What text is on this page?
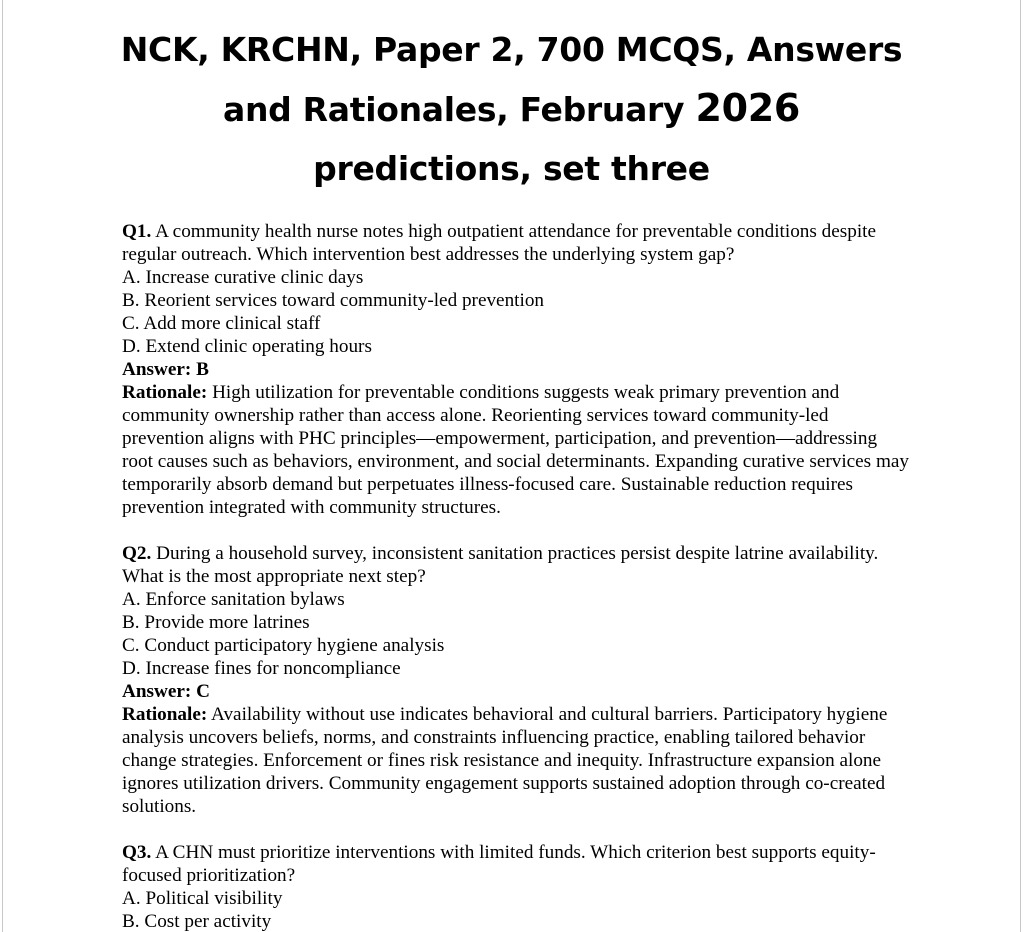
NCK, KRCHN, Paper 2, 700 MCQS, Answers
and Rationales, February 2026
predictions, set three

Q1. A community health nurse notes high outpatient attendance for preventable conditions despite regular outreach. Which intervention best addresses the underlying system gap?

A. Increase curative clinic days

B. Reorient services toward community-led prevention

C. Add more clinical staff

D. Extend clinic operating hours

Answer: B

Rationale: High utilization for preventable conditions suggests weak primary prevention and community ownership rather than access alone. Reorienting services toward community-led prevention aligns with PHC principles—empowerment, participation, and prevention—addressing root causes such as behaviors, environment, and social determinants. Expanding curative services may temporarily absorb demand but perpetuates illness-focused care. Sustainable reduction requires prevention integrated with community structures.

Q2. During a household survey, inconsistent sanitation practices persist despite latrine availability. What is the most appropriate next step?

A. Enforce sanitation bylaws

B. Provide more latrines

C. Conduct participatory hygiene analysis

D. Increase fines for noncompliance

Answer: C

Rationale: Availability without use indicates behavioral and cultural barriers. Participatory hygiene analysis uncovers beliefs, norms, and constraints influencing practice, enabling tailored behavior change strategies. Enforcement or fines risk resistance and inequity. Infrastructure expansion alone ignores utilization drivers. Community engagement supports sustained adoption through co-created solutions.

Q3. A CHN must prioritize interventions with limited funds. Which criterion best supports equity-focused prioritization?

A. Political visibility

B. Cost per activity
